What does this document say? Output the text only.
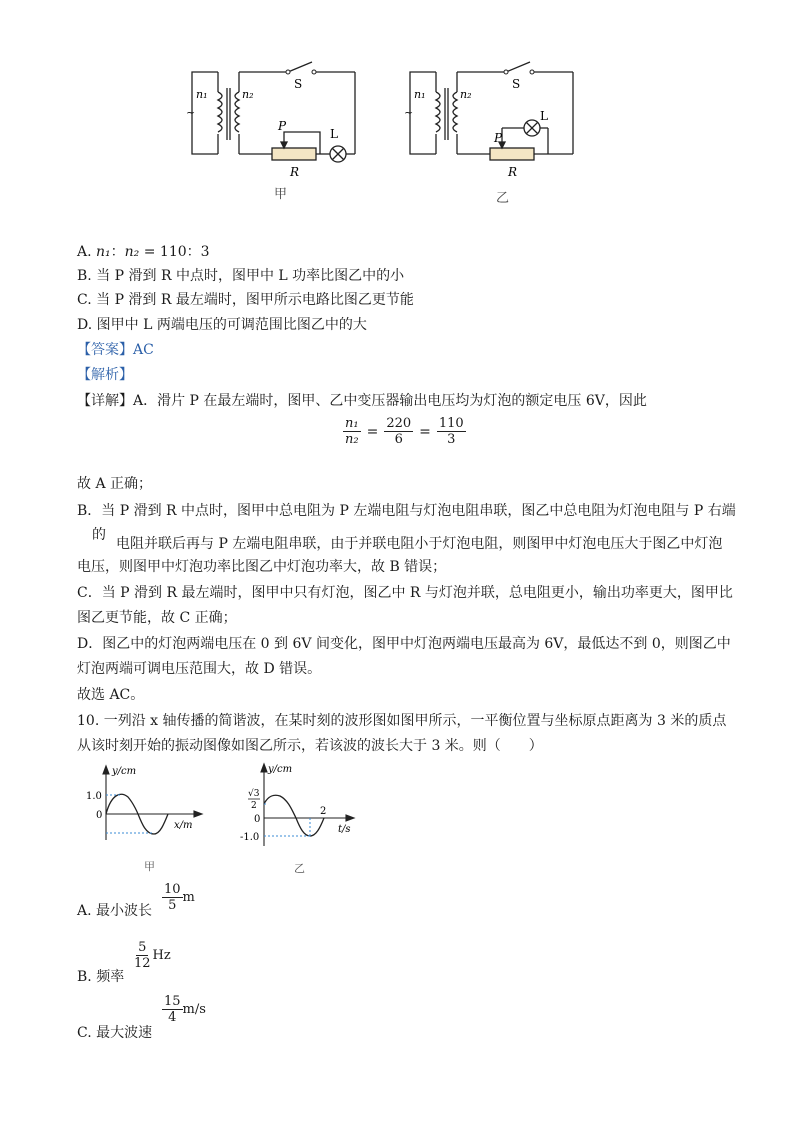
~
n₁	n₂
S
P
L
R
甲
~
n₁	n₂
S
P
L
R
乙
A. n₁：n₂ = 110：3
B. 当 P 滑到 R 中点时，图甲中 L 功率比图乙中的小
C. 当 P 滑到 R 最左端时，图甲所示电路比图乙更节能
D. 图甲中 L 两端电压的可调范围比图乙中的大
【答案】AC
【解析】
【详解】A．滑片 P 在最左端时，图甲、乙中变压器输出电压均为灯泡的额定电压 6V，因此
$\frac{\text{n₁}}{\text{n₂}} = \frac{220}{6} = \frac{110}{3}$
故 A 正确；
B．当 P 滑到 R 中点时，图甲中总电阻为 P 左端电阻与灯泡电阻串联，图乙中总电阻为灯泡电阻与 P 右端
的
电阻并联后再与 P 左端电阻串联，由于并联电阻小于灯泡电阻，则图甲中灯泡电压大于图乙中灯泡
电压，则图甲中灯泡功率比图乙中灯泡功率大，故 B 错误；
C．当 P 滑到 R 最左端时，图甲中只有灯泡，图乙中 R 与灯泡并联，总电阻更小，输出功率更大，图甲比
图乙更节能，故 C 正确；
D．图乙中的灯泡两端电压在 0 到 6V 间变化，图甲中灯泡两端电压最高为 6V，最低达不到 0，则图乙中
灯泡两端可调电压范围大，故 D 错误。
故选 AC。
10. 一列沿 x 轴传播的简谐波，在某时刻的波形图如图甲所示，一平衡位置与坐标原点距离为 3 米的质点
从该时刻开始的振动图像如图乙所示，若该波的波长大于 3 米。则（　　）
y/cm
1.0
0
x/m
甲
y/cm
√3
2
0
-1.0
2
t/s
乙
A. 最小波长 $\frac{10}{5}$ m
B. 频率
$\frac{5}{12}$ Hz
C. 最大波速
$\frac{15}{4} m/s$
